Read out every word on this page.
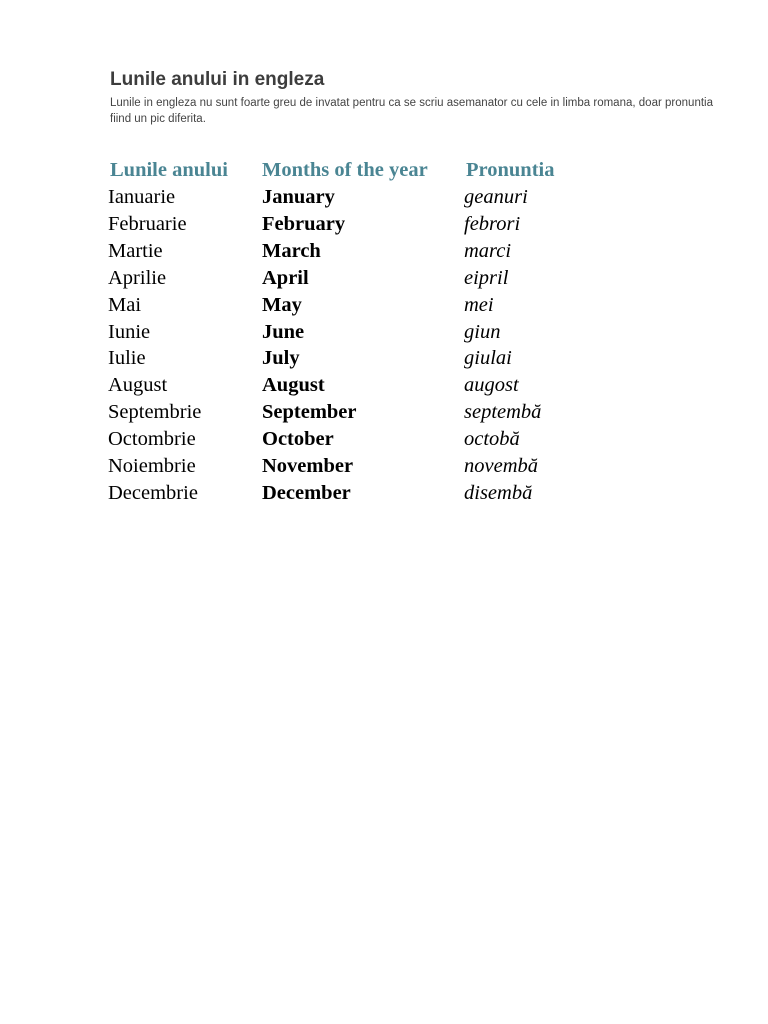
Lunile anului in engleza

Lunile in engleza nu sunt foarte greu de invatat pentru ca se scriu asemanator cu cele in limba romana, doar pronuntia fiind un pic diferita.

Lunile anului	Months of the year	Pronuntia
Ianuarie	January	geanuri
Februarie	February	febrori
Martie	March	marci
Aprilie	April	eipril
Mai	May	mei
Iunie	June	giun
Iulie	July	giulai
August	August	augost
Septembrie	September	septembă
Octombrie	October	octobă
Noiembrie	November	novembă
Decembrie	December	disembă
